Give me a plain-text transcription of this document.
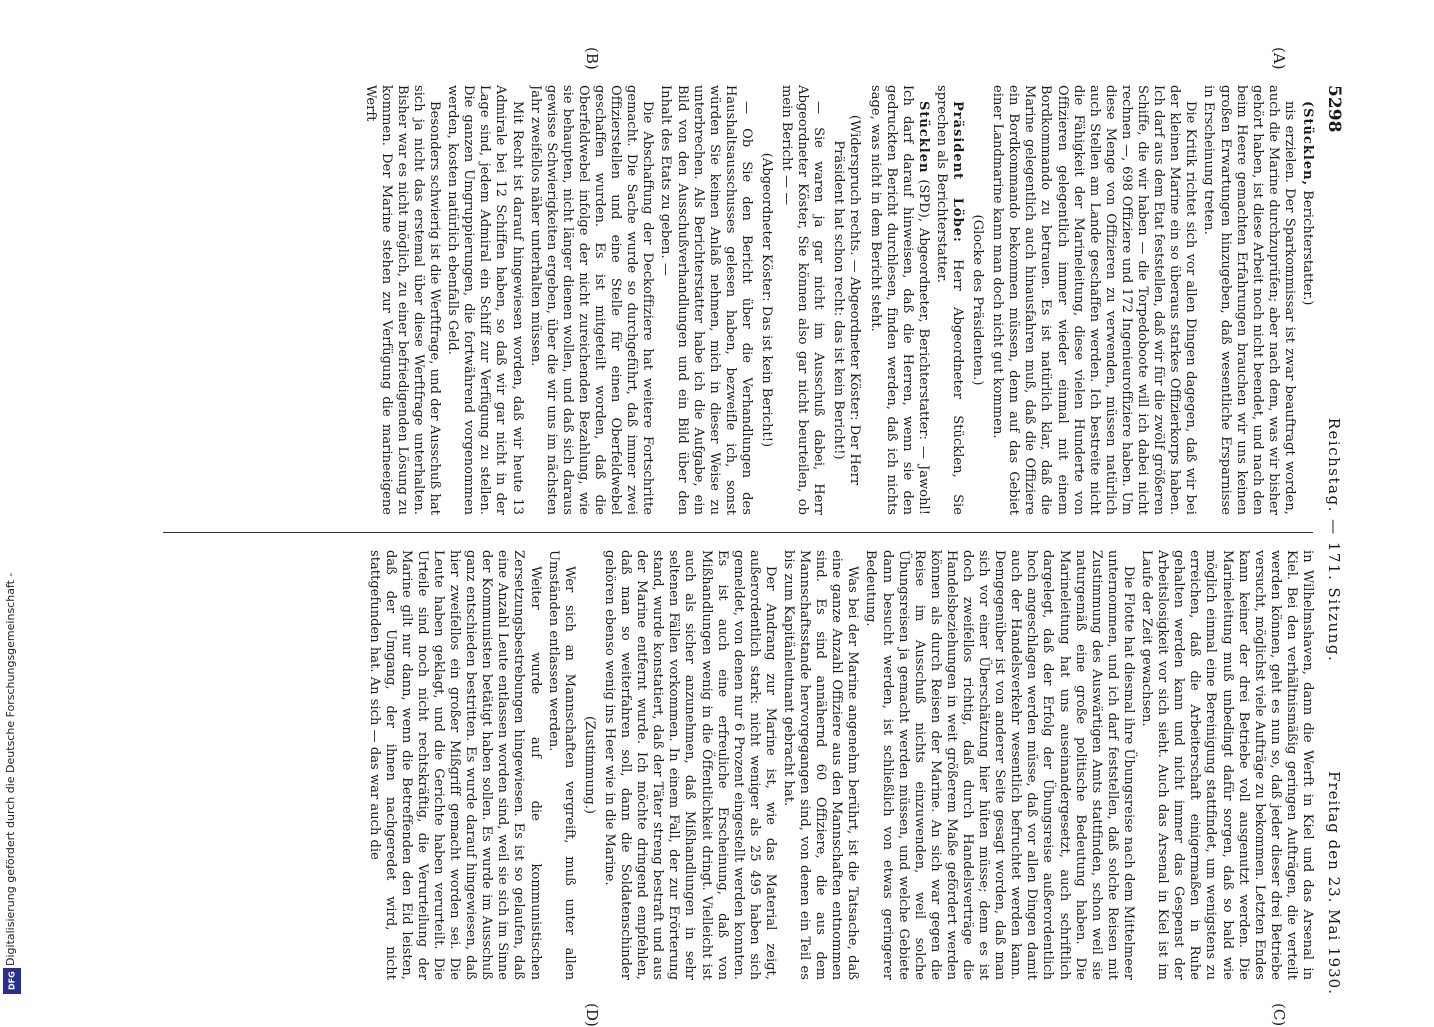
5298
Reichstag. — 171. Sitzung.
Freitag den 23. Mai 1930.
(A)
(B)
(C)
(D)

(Stücklen, Berichterstatter.)

nis erzielen. Der Sparkommissar ist zwar beauftragt worden, auch die Marine durchzuprüfen; aber nach dem, was wir bisher gehört haben, ist diese Arbeit noch nicht beendet, und nach den beim Heere gemachten Erfahrungen brauchen wir uns keinen großen Erwartungen hinzugeben, daß wesentliche Ersparnisse in Erscheinung treten.

Die Kritik richtet sich vor allen Dingen dagegen, daß wir bei der kleinen Marine ein so überaus starkes Offizierkorps haben. Ich darf aus dem Etat feststellen, daß wir für die zwölf größeren Schiffe, die wir haben — die Torpedoboote will ich dabei nicht rechnen —, 698 Offiziere und 172 Ingenieuroffiziere haben. Um diese Menge von Offizieren zu verwenden, müssen natürlich auch Stellen am Lande geschaffen werden. Ich bestreite nicht die Fähigkeit der Marineleitung, diese vielen Hunderte von Offizieren gelegentlich immer wieder einmal mit einem Bordkommando zu betrauen. Es ist natürlich klar, daß die Marine gelegentlich auch hinausfahren muß, daß die Offiziere ein Bordkommando bekommen müssen, denn auf das Gebiet einer Landmarine kann man doch nicht gut kommen.

(Glocke des Präsidenten.)

Präsident Löbe: Herr Abgeordneter Stücklen, Sie sprechen als Berichterstatter.

Stücklen (SPD), Abgeordneter, Berichterstatter: — Jawohl! Ich darf darauf hinweisen, daß die Herren, wenn sie den gedruckten Bericht durchlesen, finden werden, daß ich nichts sage, was nicht in dem Bericht steht.

(Widerspruch rechts. — Abgeordneter Köster: Der Herr Präsident hat schon recht: das ist kein Bericht!)

— Sie waren ja gar nicht im Ausschuß dabei, Herr Abgeordneter Köster, Sie können also gar nicht beurteilen, ob mein Bericht — —

(Abgeordneter Köster: Das ist kein Bericht!)

— Ob Sie den Bericht über die Verhandlungen des Haushaltsausschusses gelesen haben, bezweifle ich, sonst würden Sie keinen Anlaß nehmen, mich in dieser Weise zu unterbrechen. Als Berichterstatter habe ich die Aufgabe, ein Bild von den Ausschußverhandlungen und ein Bild über den Inhalt des Etats zu geben. —

Die Abschaffung der Deckoffiziere hat weitere Fortschritte gemacht. Die Sache wurde so durchgeführt, daß immer zwei Offizierstellen und eine Stelle für einen Oberfeldwebel geschaffen wurden. Es ist mitgeteilt worden, daß die Oberfeldwebel infolge der nicht zureichenden Bezahlung, wie sie behaupten, nicht länger dienen wollen, und daß sich daraus gewisse Schwierigkeiten ergeben, über die wir uns im nächsten Jahr zweifellos näher unterhalten müssen.

Mit Recht ist darauf hingewiesen worden, daß wir heute 13 Admirale bei 12 Schiffen haben, so daß wir gar nicht in der Lage sind, jedem Admiral ein Schiff zur Verfügung zu stellen. Die ganzen Umgruppierungen, die fortwährend vorgenommen werden, kosten natürlich ebenfalls Geld.

Besonders schwierig ist die Werftfrage, und der Ausschuß hat sich ja nicht das erstemal über diese Werftfrage unterhalten. Bisher war es nicht möglich, zu einer befriedigenden Lösung zu kommen. Der Marine stehen zur Verfügung die marineeigene Werft

in Wilhelmshaven, dann die Werft in Kiel und das Arsenal in Kiel. Bei den verhältnismäßig geringen Aufträgen, die verteilt werden können, geht es nun so, daß jeder dieser drei Betriebe versucht, möglichst viele Aufträge zu bekommen. Letzten Endes kann keiner der drei Betriebe voll ausgenutzt werden. Die Marineleitung muß unbedingt dafür sorgen, daß so bald wie möglich einmal eine Bereinigung stattfindet, um wenigstens zu erreichen, daß die Arbeiterschaft einigermaßen in Ruhe gehalten werden kann und nicht immer das Gespenst der Arbeitslosigkeit vor sich sieht. Auch das Arsenal in Kiel ist im Laufe der Zeit gewachsen.

Die Flotte hat diesmal ihre Übungsreise nach dem Mittelmeer unternommen, und ich darf feststellen, daß solche Reisen mit Zustimmung des Auswärtigen Amts stattfinden, schon weil sie naturgemäß eine große politische Bedeutung haben. Die Marineleitung hat uns auseinandergesetzt, auch schriftlich dargelegt, daß der Erfolg der Übungsreise außerordentlich hoch angeschlagen werden müsse, daß vor allen Dingen damit auch der Handelsverkehr wesentlich befruchtet werden kann. Demgegenüber ist von anderer Seite gesagt worden, daß man sich vor einer Überschätzung hier hüten müsse; denn es ist doch zweifellos richtig, daß durch Handelsverträge die Handelsbeziehungen in weit größerem Maße gefördert werden können als durch Reisen der Marine. An sich war gegen die Reise im Ausschuß nichts einzuwenden, weil solche Übungsreisen ja gemacht werden müssen, und welche Gebiete dann besucht werden, ist schließlich von etwas geringerer Bedeutung.

Was bei der Marine angenehm berührt, ist die Tatsache, daß eine ganze Anzahl Offiziere aus den Mannschaften entnommen sind. Es sind annähernd 60 Offiziere, die aus dem Mannschaftsstande hervorgegangen sind, von denen ein Teil es bis zum Kapitänleutnant gebracht hat.

Der Andrang zur Marine ist, wie das Material zeigt, außerordentlich stark: nicht weniger als 25 495 haben sich gemeldet, von denen nur 6 Prozent eingestellt werden konnten. Es ist auch eine erfreuliche Erscheinung, daß von Mißhandlungen wenig in die Öffentlichkeit dringt. Vielleicht ist auch als sicher anzunehmen, daß Mißhandlungen in sehr seltenen Fällen vorkommen. In einem Fall, der zur Erörterung stand, wurde konstatiert, daß der Täter streng bestraft und aus der Marine entfernt wurde. Ich möchte dringend empfehlen, daß man so weiterfahren soll, dann die Soldatenschinder gehören ebenso wenig ins Heer wie in die Marine.

(Zustimmung.)

Wer sich an Mannschaften vergreift, muß unter allen Umständen entlassen werden.

Weiter wurde auf die kommunistischen Zersetzungsbestrebungen hingewiesen. Es ist so gelaufen, daß eine Anzahl Leute entlassen worden sind, weil sie sich im Sinne der Kommunisten betätigt haben sollen. Es wurde im Ausschuß ganz entschieden bestritten. Es wurde darauf hingewiesen, daß hier zweifellos ein großer Mißgriff gemacht worden sei. Die Leute haben geklagt, und die Gerichte haben verurteilt. Die Urteile sind noch nicht rechtskräftig, die Verurteilung der Marine gilt nur dann, wenn die Betreffenden den Eid leisten, daß der Umgang, der ihnen nachgeredet wird, nicht stattgefunden hat. An sich — das war auch die

Digitalisierung gefördert durch die Deutsche Forschungsgemeinschaft -
DFG
